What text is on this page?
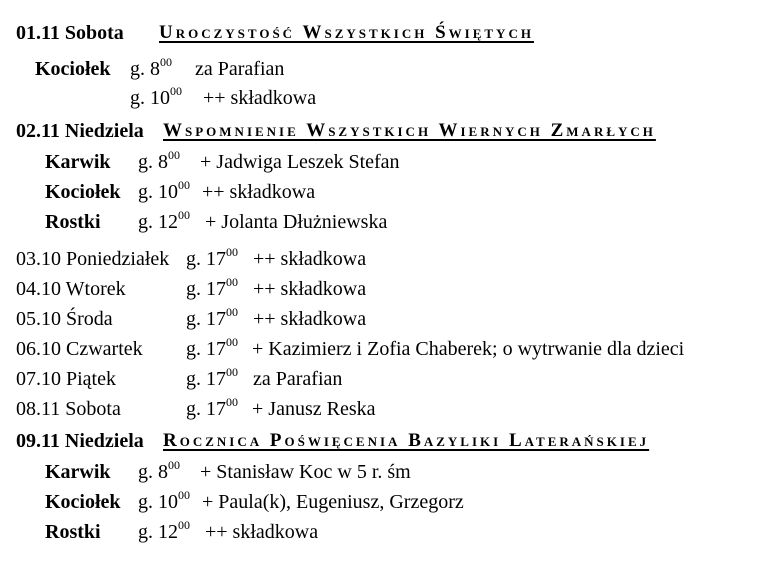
01.11 Sobota Uroczystość Wszystkich Świętych
Kociołek g. $8^{00}$ za Parafian
g. $10^{00}$ ++ składkowa
02.11 Niedziela Wspomnienie Wszystkich Wiernych Zmarłych
Karwik g. $8^{00}$ + Jadwiga Leszek Stefan
Kociołek g. $10^{00}$ ++ składkowa
Rostki g. $12^{00}$ + Jolanta Dłużniewska
03.10 Poniedziałek g. $17^{00}$ ++ składkowa
04.10 Wtorek	g. $17^{00}$ ++ składkowa
05.10 Środa	g. $17^{00}$ ++ składkowa
06.10 Czwartek g. $17^{00}$ + Kazimierz i Zofia Chaberek; o wytrwanie dla dzieci
07.10 Piątek	g. $17^{00}$ za Parafian
08.11 Sobota	g. $17^{00}$ + Janusz Reska
09.11 Niedziela Rocznica Poświęcenia Bazyliki Laterańskiej
Karwik g. $8^{00}$ + Stanisław Koc w 5 r. śm
Kociołek g. $10^{00}$ + Paula(k), Eugeniusz, Grzegorz
Rostki g. $12^{00}$ ++ składkowa
